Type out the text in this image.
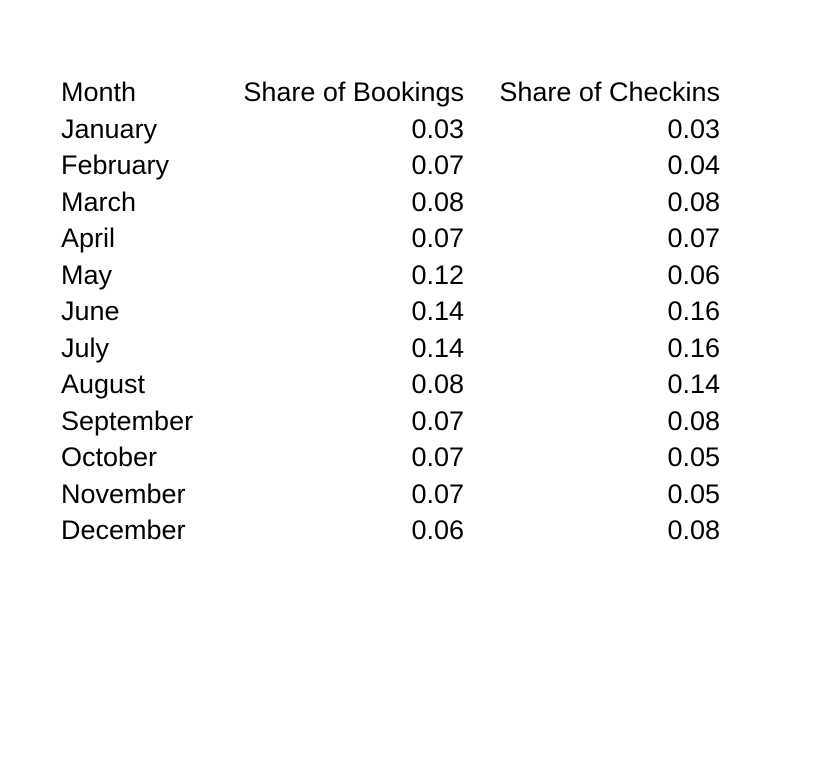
Month	Share of Bookings	Share of Checkins
January	0.03	0.03
February	0.07	0.04
March	0.08	0.08
April	0.07	0.07
May	0.12	0.06
June	0.14	0.16
July	0.14	0.16
August	0.08	0.14
September	0.07	0.08
October	0.07	0.05
November	0.07	0.05
December	0.06	0.08
